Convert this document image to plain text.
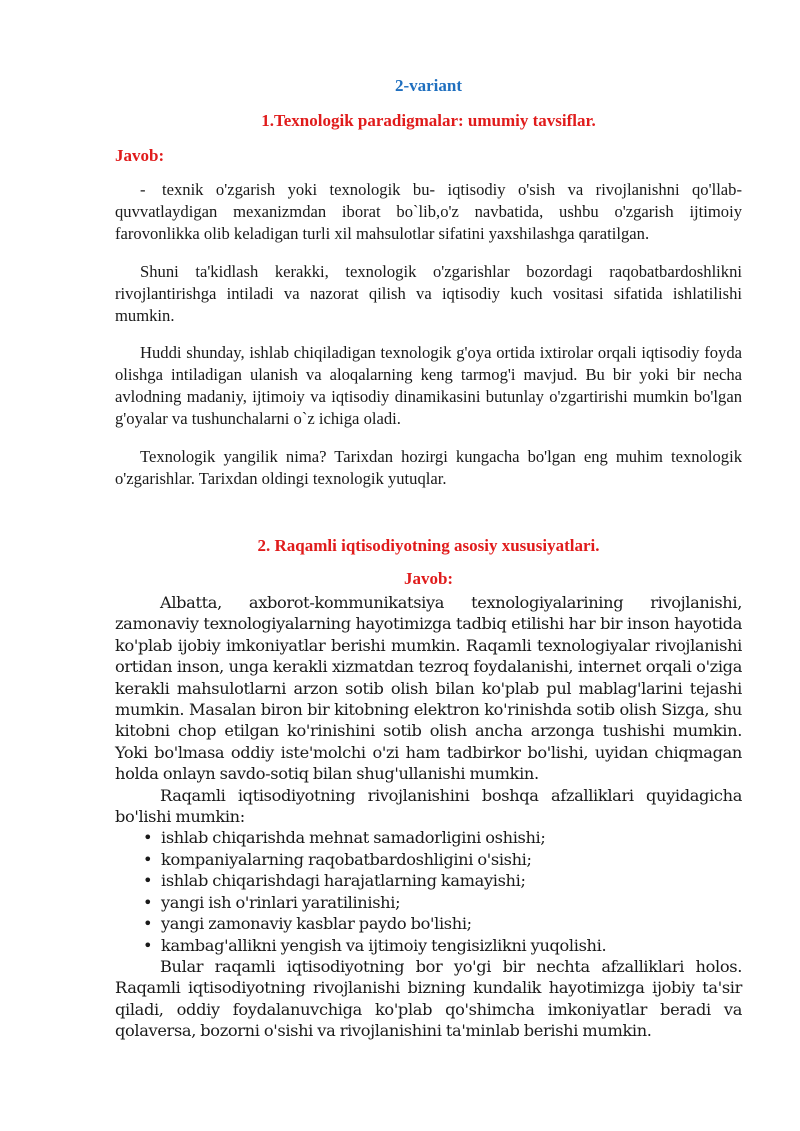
2-variant
1.Texnologik paradigmalar: umumiy tavsiflar.
Javob:

- texnik o'zgarish yoki texnologik bu- iqtisodiy o'sish va rivojlanishni qo'llab-quvvatlaydigan mexanizmdan iborat bo`lib,o'z navbatida, ushbu o'zgarish ijtimoiy farovonlikka olib keladigan turli xil mahsulotlar sifatini yaxshilashga qaratilgan.

Shuni ta'kidlash kerakki, texnologik o'zgarishlar bozordagi raqobatbardoshlikni rivojlantirishga intiladi va nazorat qilish va iqtisodiy kuch vositasi sifatida ishlatilishi mumkin.

Huddi shunday, ishlab chiqiladigan texnologik g'oya ortida ixtirolar orqali iqtisodiy foyda olishga intiladigan ulanish va aloqalarning keng tarmog'i mavjud. Bu bir yoki bir necha avlodning madaniy, ijtimoiy va iqtisodiy dinamikasini butunlay o'zgartirishi mumkin bo'lgan g'oyalar va tushunchalarni o`z ichiga oladi.

Texnologik yangilik nima? Tarixdan hozirgi kungacha bo'lgan eng muhim texnologik o'zgarishlar. Tarixdan oldingi texnologik yutuqlar.

2. Raqamli iqtisodiyotning asosiy xususiyatlari.
Javob:

Albatta, axborot-kommunikatsiya texnologiyalarining rivojlanishi, zamonaviy texnologiyalarning hayotimizga tadbiq etilishi har bir inson hayotida ko'plab ijobiy imkoniyatlar berishi mumkin. Raqamli texnologiyalar rivojlanishi ortidan inson, unga kerakli xizmatdan tezroq foydalanishi, internet orqali o'ziga kerakli mahsulotlarni arzon sotib olish bilan ko'plab pul mablag'larini tejashi mumkin. Masalan biron bir kitobning elektron ko'rinishda sotib olish Sizga, shu kitobni chop etilgan ko'rinishini sotib olish ancha arzonga tushishi mumkin. Yoki bo'lmasa oddiy iste'molchi o'zi ham tadbirkor bo'lishi, uyidan chiqmagan holda onlayn savdo-sotiq bilan shug'ullanishi mumkin.

Raqamli iqtisodiyotning rivojlanishini boshqa afzalliklari quyidagicha bo'lishi mumkin:

• ishlab chiqarishda mehnat samadorligini oshishi;
• kompaniyalarning raqobatbardoshligini o'sishi;
• ishlab chiqarishdagi harajatlarning kamayishi;
• yangi ish o'rinlari yaratilinishi;
• yangi zamonaviy kasblar paydo bo'lishi;
• kambag'allikni yengish va ijtimoiy tengisizlikni yuqolishi.

Bular raqamli iqtisodiyotning bor yo'gi bir nechta afzalliklari holos. Raqamli iqtisodiyotning rivojlanishi bizning kundalik hayotimizga ijobiy ta'sir qiladi, oddiy foydalanuvchiga ko'plab qo'shimcha imkoniyatlar beradi va qolaversa, bozorni o'sishi va rivojlanishini ta'minlab berishi mumkin.
